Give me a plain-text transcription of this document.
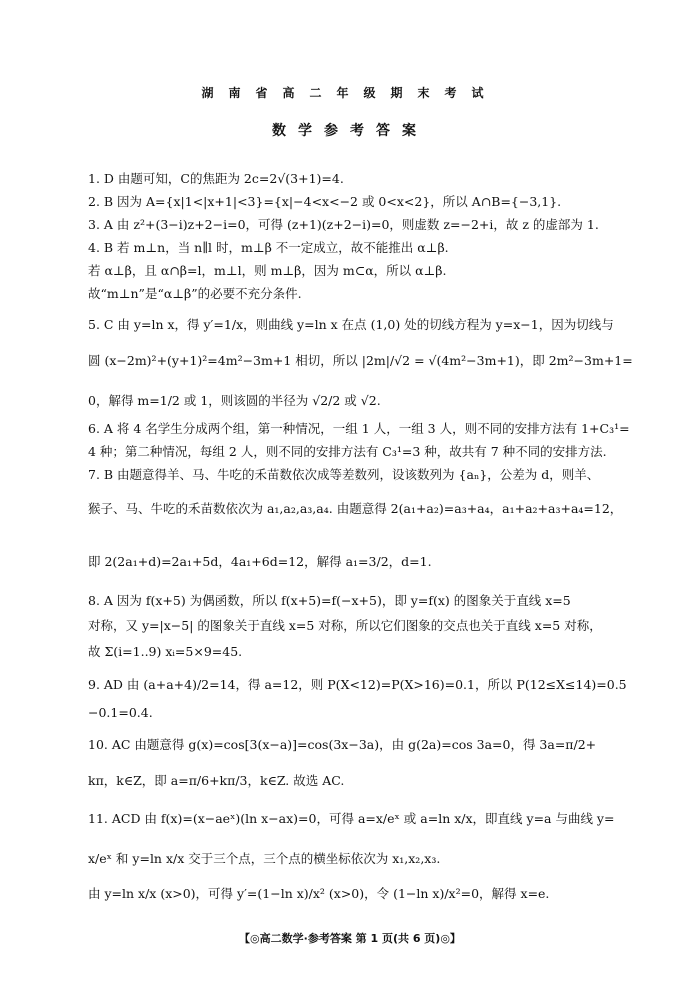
湖南省高二年级期末考试
数学参考答案
1. D 由题可知，C的焦距为 2c=2√(3+1)=4.
2. B 因为 A={x|1<|x+1|<3}={x|−4<x<−2 或 0<x<2}，所以 A∩B={−3,1}.
3. A 由 z²+(3−i)z+2−i=0，可得 (z+1)(z+2−i)=0，则虚数 z=−2+i，故 z 的虚部为 1.
4. B 若 m⊥n，当 n∥l 时，m⊥β 不一定成立，故不能推出 α⊥β.
若 α⊥β，且 α∩β=l，m⊥l，则 m⊥β，因为 m⊂α，所以 α⊥β.
故“m⊥n”是“α⊥β”的必要不充分条件.
5. C 由 y=ln x，得 y′=1/x，则曲线 y=ln x 在点 (1,0) 处的切线方程为 y=x−1，因为切线与
圆 (x−2m)²+(y+1)²=4m²−3m+1 相切，所以 |2m|/√2 = √(4m²−3m+1)，即 2m²−3m+1=
0，解得 m=1/2 或 1，则该圆的半径为 √2/2 或 √2.
6. A 将 4 名学生分成两个组，第一种情况，一组 1 人，一组 3 人，则不同的安排方法有 1+C₃¹=
4 种；第二种情况，每组 2 人，则不同的安排方法有 C₃¹=3 种，故共有 7 种不同的安排方法.
7. B 由题意得羊、马、牛吃的禾苗数依次成等差数列，设该数列为 {aₙ}，公差为 d，则羊、
猴子、马、牛吃的禾苗数依次为 a₁,a₂,a₃,a₄. 由题意得 2(a₁+a₂)=a₃+a₄，a₁+a₂+a₃+a₄=12，
即 2(2a₁+d)=2a₁+5d，4a₁+6d=12，解得 a₁=3/2，d=1.
8. A 因为 f(x+5) 为偶函数，所以 f(x+5)=f(−x+5)，即 y=f(x) 的图象关于直线 x=5
对称，又 y=|x−5| 的图象关于直线 x=5 对称，所以它们图象的交点也关于直线 x=5 对称，
故 Σ(i=1..9) xᵢ=5×9=45.
9. AD 由 (a+a+4)/2=14，得 a=12，则 P(X<12)=P(X>16)=0.1，所以 P(12≤X≤14)=0.5
−0.1=0.4.
10. AC 由题意得 g(x)=cos[3(x−a)]=cos(3x−3a)，由 g(2a)=cos 3a=0，得 3a=π/2+
kπ，k∈Z，即 a=π/6+kπ/3，k∈Z. 故选 AC.
11. ACD 由 f(x)=(x−aeˣ)(ln x−ax)=0，可得 a=x/eˣ 或 a=ln x/x，即直线 y=a 与曲线 y=
x/eˣ 和 y=ln x/x 交于三个点，三个点的横坐标依次为 x₁,x₂,x₃.
由 y=ln x/x (x>0)，可得 y′=(1−ln x)/x² (x>0)，令 (1−ln x)/x²=0，解得 x=e.
【◎高二数学·参考答案 第 1 页(共 6 页)◎】
